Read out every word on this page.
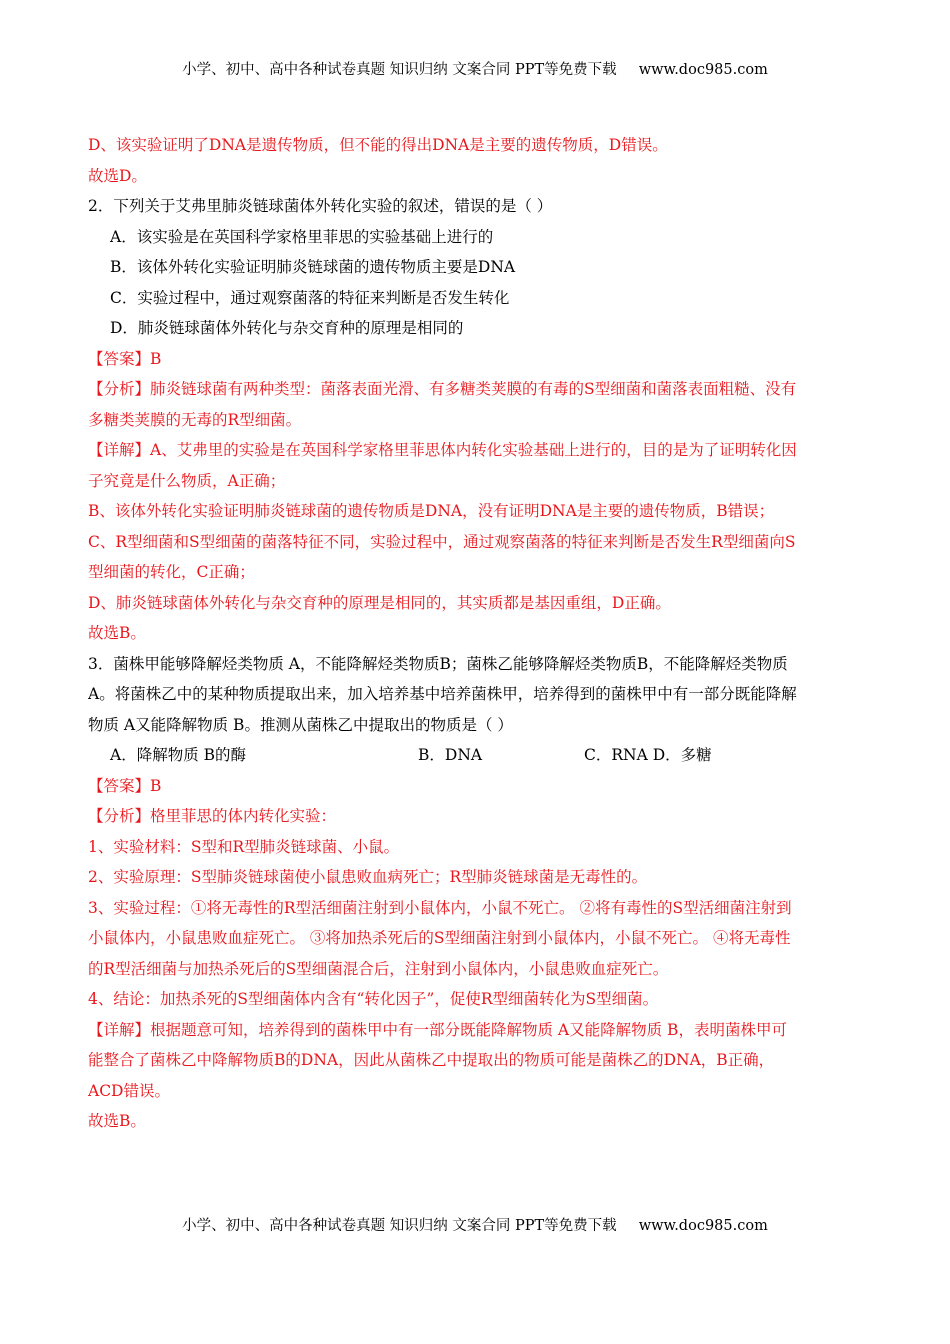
小学、初中、高中各种试卷真题 知识归纳 文案合同 PPT等免费下载 www.doc985.com
D、该实验证明了DNA是遗传物质，但不能的得出DNA是主要的遗传物质，D错误。
故选D。
2．下列关于艾弗里肺炎链球菌体外转化实验的叙述，错误的是（ ）
A．该实验是在英国科学家格里菲思的实验基础上进行的
B．该体外转化实验证明肺炎链球菌的遗传物质主要是DNA
C．实验过程中，通过观察菌落的特征来判断是否发生转化
D．肺炎链球菌体外转化与杂交育种的原理是相同的
【答案】B
【分析】肺炎链球菌有两种类型：菌落表面光滑、有多糖类荚膜的有毒的S型细菌和菌落表面粗糙、没有
多糖类荚膜的无毒的R型细菌。
【详解】A、艾弗里的实验是在英国科学家格里菲思体内转化实验基础上进行的，目的是为了证明转化因
子究竟是什么物质，A正确；
B、该体外转化实验证明肺炎链球菌的遗传物质是DNA，没有证明DNA是主要的遗传物质，B错误；
C、R型细菌和S型细菌的菌落特征不同，实验过程中，通过观察菌落的特征来判断是否发生R型细菌向S
型细菌的转化，C正确；
D、肺炎链球菌体外转化与杂交育种的原理是相同的，其实质都是基因重组，D正确。
故选B。
3．菌株甲能够降解烃类物质 A，不能降解烃类物质B；菌株乙能够降解烃类物质B，不能降解烃类物质
A。将菌株乙中的某种物质提取出来，加入培养基中培养菌株甲，培养得到的菌株甲中有一部分既能降解
物质 A又能降解物质 B。推测从菌株乙中提取出的物质是（ ）
A．降解物质 B的酶	B．DNA	C．RNA D．多糖
【答案】B
【分析】格里菲思的体内转化实验：
1、实验材料：S型和R型肺炎链球菌、小鼠。
2、实验原理：S型肺炎链球菌使小鼠患败血病死亡；R型肺炎链球菌是无毒性的。
3、实验过程：①将无毒性的R型活细菌注射到小鼠体内，小鼠不死亡。 ②将有毒性的S型活细菌注射到
小鼠体内，小鼠患败血症死亡。 ③将加热杀死后的S型细菌注射到小鼠体内，小鼠不死亡。 ④将无毒性
的R型活细菌与加热杀死后的S型细菌混合后，注射到小鼠体内，小鼠患败血症死亡。
4、结论：加热杀死的S型细菌体内含有“转化因子”，促使R型细菌转化为S型细菌。
【详解】根据题意可知，培养得到的菌株甲中有一部分既能降解物质 A又能降解物质 B，表明菌株甲可
能整合了菌株乙中降解物质B的DNA，因此从菌株乙中提取出的物质可能是菌株乙的DNA，B正确，
ACD错误。
故选B。
小学、初中、高中各种试卷真题 知识归纳 文案合同 PPT等免费下载 www.doc985.com
